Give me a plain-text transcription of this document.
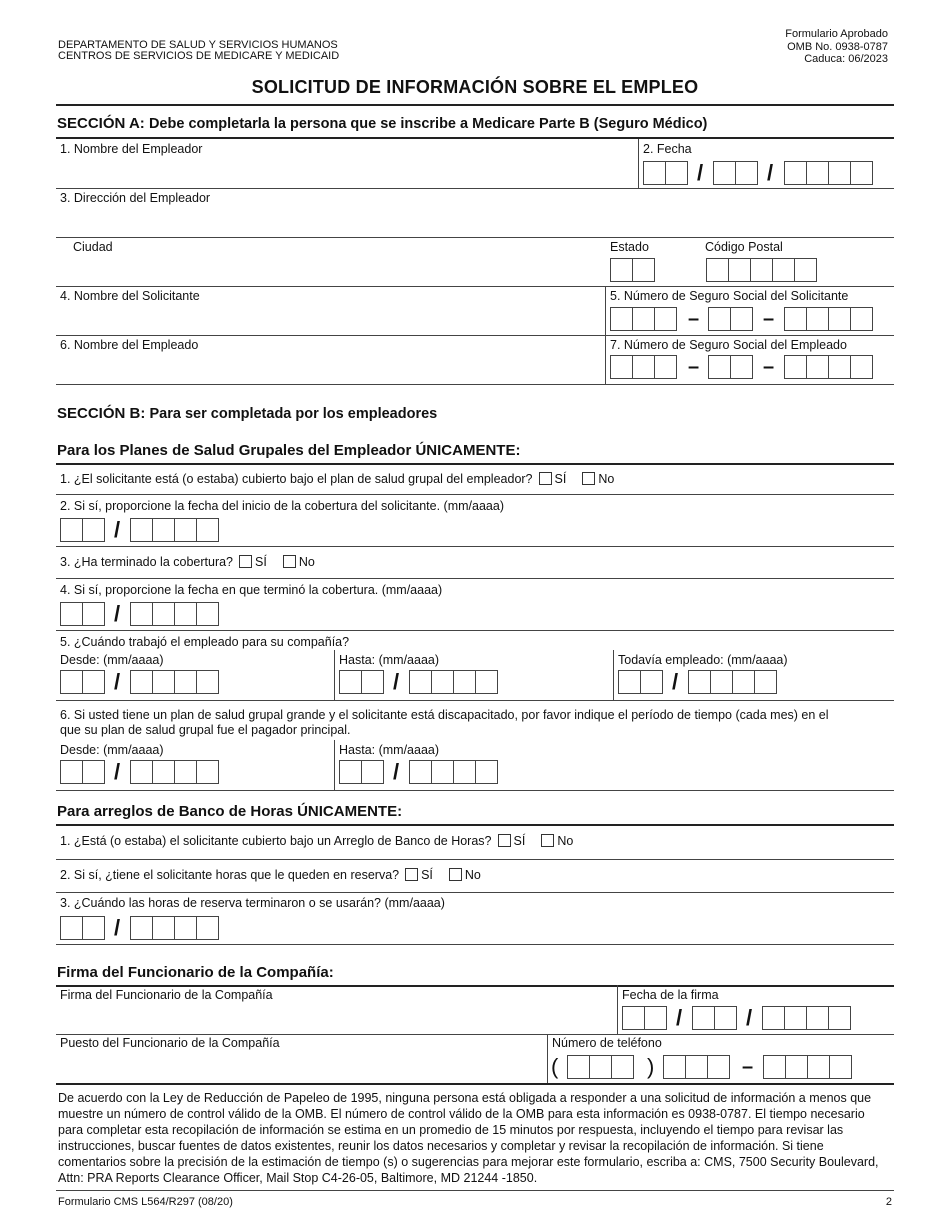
DEPARTAMENTO DE SALUD Y SERVICIOS HUMANOS
CENTROS DE SERVICIOS DE MEDICARE Y MEDICAID
Formulario Aprobado
OMB No. 0938-0787
Caduca: 06/2023
SOLICITUD DE INFORMACIÓN SOBRE EL EMPLEO
SECCIÓN A: Debe completarla la persona que se inscribe a Medicare Parte B (Seguro Médico)
1. Nombre del Empleador	2. Fecha
/	/
3. Dirección del Empleador
Ciudad	Estado	Código Postal
4. Nombre del Solicitante	5. Número de Seguro Social del Solicitante
–	–
6. Nombre del Empleado	7. Número de Seguro Social del Empleado
–	–
SECCIÓN B: Para ser completada por los empleadores
Para los Planes de Salud Grupales del Empleador ÚNICAMENTE:
1. ¿El solicitante está (o estaba) cubierto bajo el plan de salud grupal del empleador? SÍ	No
2. Si sí, proporcione la fecha del inicio de la cobertura del solicitante. (mm/aaaa)
/
3. ¿Ha terminado la cobertura? SÍ	No
4. Si sí, proporcione la fecha en que terminó la cobertura. (mm/aaaa)
/
5. ¿Cuándo trabajó el empleado para su compañía?
Desde: (mm/aaaa)	Hasta: (mm/aaaa)	Todavía empleado: (mm/aaaa)
/	/	/
6. Si usted tiene un plan de salud grupal grande y el solicitante está discapacitado, por favor indique el período de tiempo (cada mes) en el
que su plan de salud grupal fue el pagador principal.
Desde: (mm/aaaa)	Hasta: (mm/aaaa)
/	/
Para arreglos de Banco de Horas ÚNICAMENTE:
1. ¿Está (o estaba) el solicitante cubierto bajo un Arreglo de Banco de Horas? SÍ	No
2. Si sí, ¿tiene el solicitante horas que le queden en reserva? SÍ	No
3. ¿Cuándo las horas de reserva terminaron o se usarán? (mm/aaaa)
/
Firma del Funcionario de la Compañía:
Firma del Funcionario de la Compañía	Fecha de la firma
/	/
Puesto del Funcionario de la Compañía	Número de teléfono
(	)	–
De acuerdo con la Ley de Reducción de Papeleo de 1995, ninguna persona está obligada a responder a una solicitud de información a menos que muestre un número de control válido de la OMB. El número de control válido de la OMB para esta información es 0938-0787. El tiempo necesario para completar esta recopilación de información se estima en un promedio de 15 minutos por respuesta, incluyendo el tiempo para revisar las instrucciones, buscar fuentes de datos existentes, reunir los datos necesarios y completar y revisar la recopilación de información. Si tiene comentarios sobre la precisión de la estimación de tiempo (s) o sugerencias para mejorar este formulario, escriba a: CMS, 7500 Security Boulevard, Attn: PRA Reports Clearance Officer, Mail Stop C4-26-05, Baltimore, MD 21244 -1850.
Formulario CMS L564/R297 (08/20)	2
